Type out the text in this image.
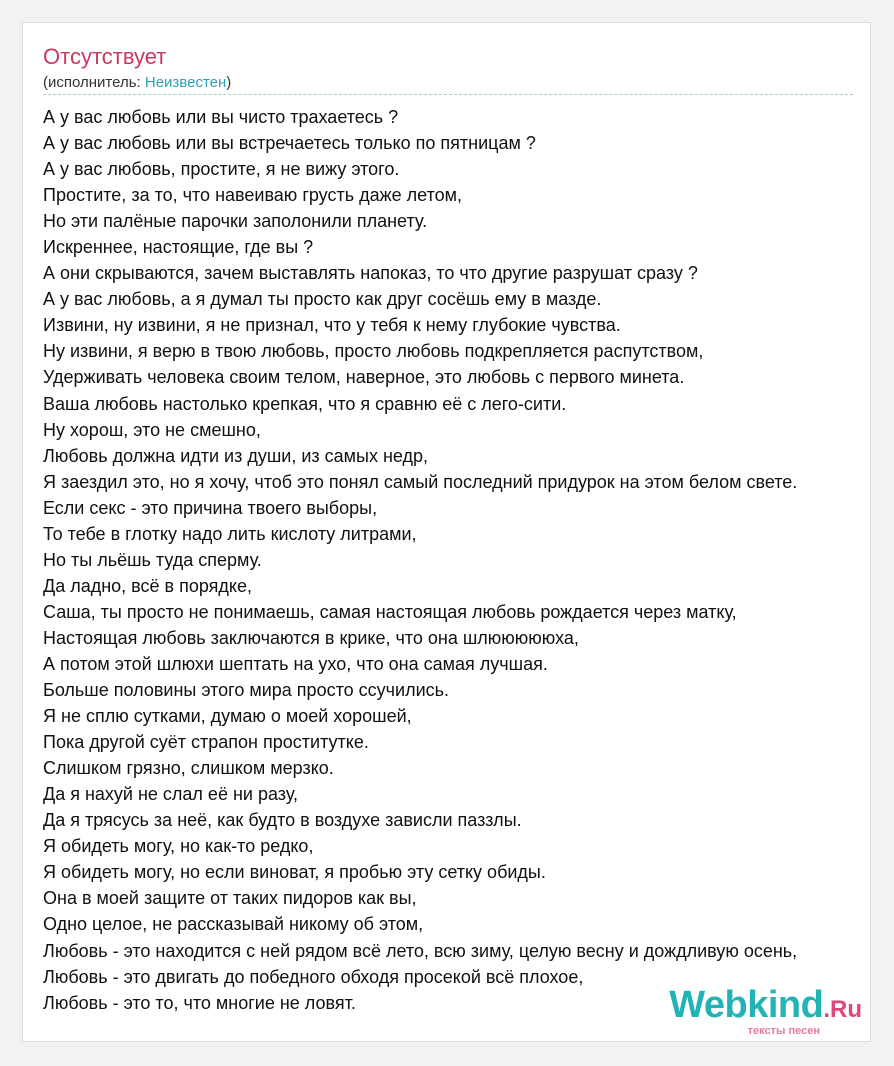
Отсутствует
(исполнитель: Неизвестен)
А у вас любовь или вы чисто трахаетесь ?
А у вас любовь или вы встречаетесь только по пятницам ?
А у вас любовь, простите, я не вижу этого.
Простите, за то, что навеиваю грусть даже летом,
Но эти палёные парочки заполонили планету.
Искреннее, настоящие, где вы ?
А они скрываются, зачем выставлять напоказ, то что другие разрушат сразу ?
А у вас любовь, а я думал ты просто как друг сосёшь ему в мазде.
Извини, ну извини, я не признал, что у тебя к нему глубокие чувства.
Ну извини, я верю в твою любовь, просто любовь подкрепляется распутством,
Удерживать человека своим телом, наверное, это любовь с первого минета.
Ваша любовь настолько крепкая, что я сравню её с лего-сити.
Ну хорош, это не смешно,
Любовь должна идти из души, из самых недр,
Я заездил это, но я хочу, чтоб это понял самый последний придурок на этом белом свете.
Если секс - это причина твоего выборы,
То тебе в глотку надо лить кислоту литрами,
Но ты льёшь туда сперму.
Да ладно, всё в порядке,
Саша, ты просто не понимаешь, самая настоящая любовь рождается через матку,
Настоящая любовь заключаются в крике, что она шлюююююха,
А потом этой шлюхи шептать на ухо, что она самая лучшая.
Больше половины этого мира просто ссучились.
Я не сплю сутками, думаю о моей хорошей,
Пока другой суёт страпон проститутке.
Слишком грязно, слишком мерзко.
Да я нахуй не слал её ни разу,
Да я трясусь за неё, как будто в воздухе зависли паззлы.
Я обидеть могу, но как-то редко,
Я обидеть могу, но если виноват, я пробью эту сетку обиды.
Она в моей защите от таких пидоров как вы,
Одно целое, не рассказывай никому об этом,
Любовь - это находится с ней рядом всё лето, всю зиму, целую весну и дождливую осень,
Любовь - это двигать до победного обходя просекой всё плохое,
Любовь - это то, что многие не ловят.	Webkind.Ru
тексты песен
